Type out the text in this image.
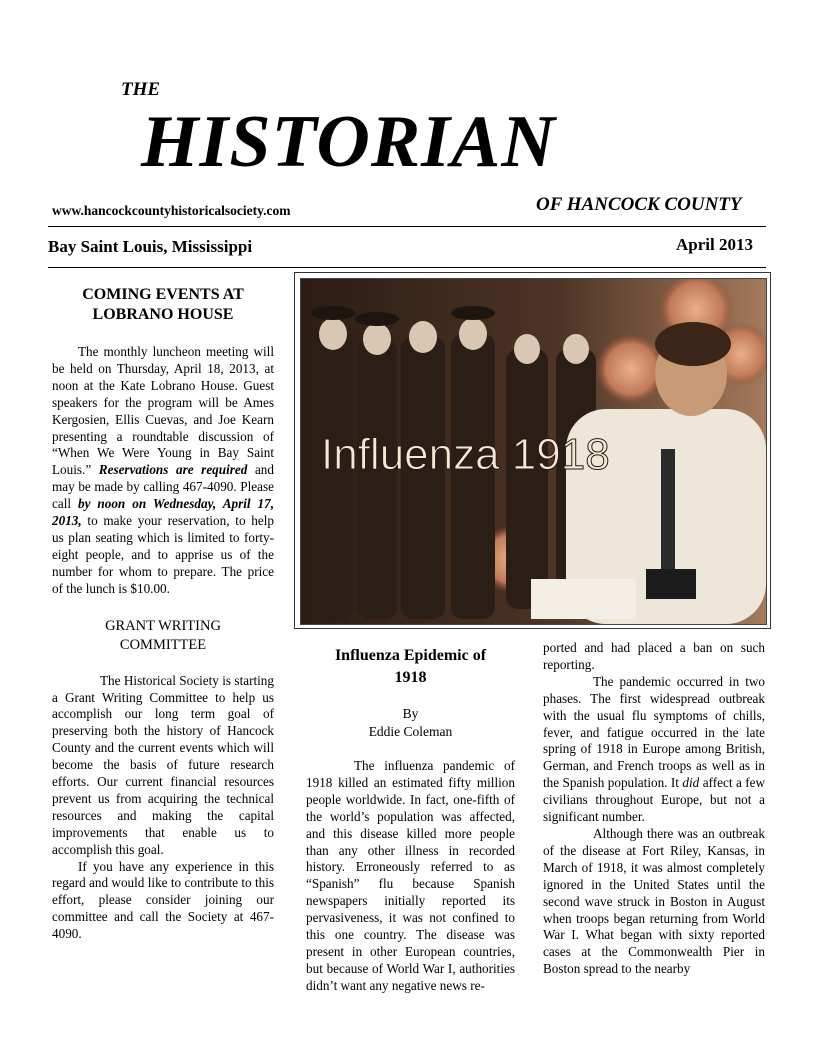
THE
HISTORIAN
www.hancockcountyhistoricalsociety.com	OF HANCOCK COUNTY
Bay Saint Louis, Mississippi	April 2013
COMING EVENTS AT
LOBRANO HOUSE

The monthly luncheon meeting will be held on Thursday, April 18, 2013, at noon at the Kate Lobrano House. Guest speakers for the program will be Ames Kergosien, Ellis Cuevas, and Joe Kearn presenting a roundtable discussion of “When We Were Young in Bay Saint Louis.” Reservations are required and may be made by calling 467-4090. Please call by noon on Wednesday, April 17, 2013, to make your reservation, to help us plan seating which is limited to forty-eight people, and to apprise us of the number for whom to prepare. The price of the lunch is $10.00.

GRANT WRITING
COMMITTEE

The Historical Society is starting a Grant Writing Committee to help us accomplish our long term goal of preserving both the history of Hancock County and the current events which will become the basis of future research efforts. Our current financial resources prevent us from acquiring the technical resources and making the capital improvements that enable us to accomplish this goal.

If you have any experience in this regard and would like to contribute to this effort, please consider joining our committee and call the Society at 467-4090.

Influenza 1918
Influenza Epidemic of
1918
By
Eddie Coleman

The influenza pandemic of 1918 killed an estimated fifty million people worldwide. In fact, one-fifth of the world’s population was affected, and this disease killed more people than any other illness in recorded history. Erroneously referred to as “Spanish” flu because Spanish newspapers initially reported its pervasiveness, it was not confined to this one country. The disease was present in other European countries, but because of World War I, authorities didn’t want any negative news re-

ported and had placed a ban on such reporting.

The pandemic occurred in two phases. The first widespread outbreak with the usual flu symptoms of chills, fever, and fatigue occurred in the late spring of 1918 in Europe among British, German, and French troops as well as in the Spanish population. It did affect a few civilians throughout Europe, but not a significant number.

Although there was an outbreak of the disease at Fort Riley, Kansas, in March of 1918, it was almost completely ignored in the United States until the second wave struck in Boston in August when troops began returning from World War I. What began with sixty reported cases at the Commonwealth Pier in Boston spread to the nearby
